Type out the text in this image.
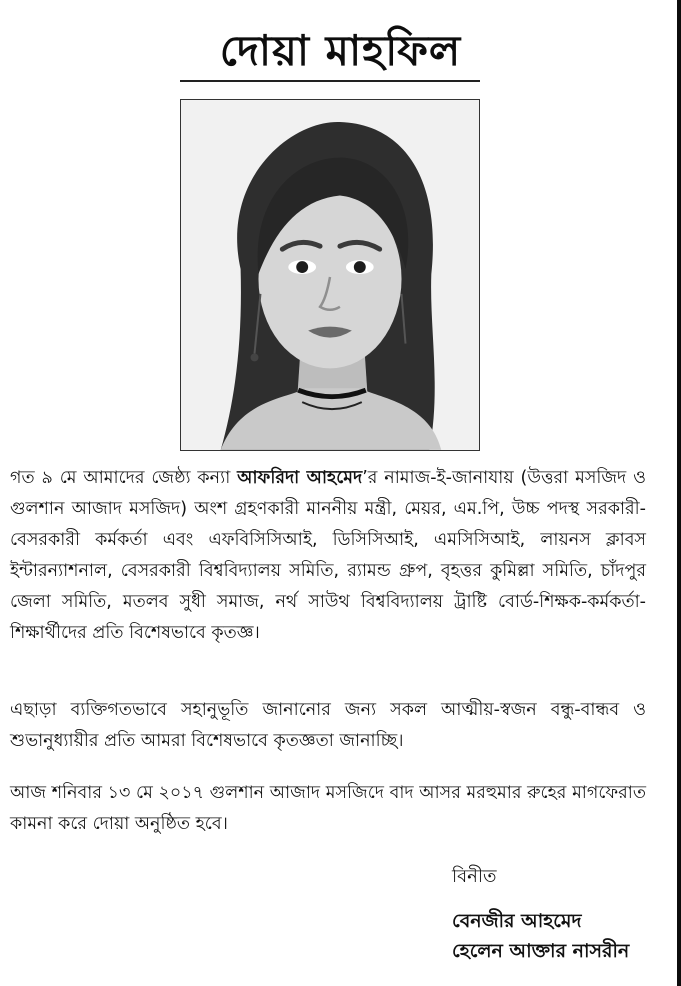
দোয়া মাহফিল

গত ৯ মে আমাদের জেষ্ঠ্য কন্যা আফরিদা আহমেদ’র নামাজ-ই-জানাযায় (উত্তরা মসজিদ ও গুলশান আজাদ মসজিদ) অংশ গ্রহণকারী মাননীয় মন্ত্রী, মেয়র, এম.পি, উচ্চ পদস্থ সরকারী-বেসরকারী কর্মকর্তা এবং এফবিসিসিআই, ডিসিসিআই, এমসিসিআই, লায়নস ক্লাবস ইন্টারন্যাশনাল, বেসরকারী বিশ্ববিদ্যালয় সমিতি, র‍্যামন্ড গ্রুপ, বৃহত্তর কুমিল্লা সমিতি, চাঁদপুর জেলা সমিতি, মতলব সুধী সমাজ, নর্থ সাউথ বিশ্ববিদ্যালয় ট্রাষ্টি বোর্ড-শিক্ষক-কর্মকর্তা-শিক্ষার্থীদের প্রতি বিশেষভাবে কৃতজ্ঞ।

এছাড়া ব্যক্তিগতভাবে সহানুভূতি জানানোর জন্য সকল আত্মীয়-স্বজন বন্ধু-বান্ধব ও শুভানুধ্যায়ীর প্রতি আমরা বিশেষভাবে কৃতজ্ঞতা জানাচ্ছি।

আজ শনিবার ১৩ মে ২০১৭ গুলশান আজাদ মসজিদে বাদ আসর মরহুমার রুহের মাগফেরাত কামনা করে দোয়া অনুষ্ঠিত হবে।

বিনীত
বেনজীর আহমেদ
হেলেন আক্তার নাসরীন
